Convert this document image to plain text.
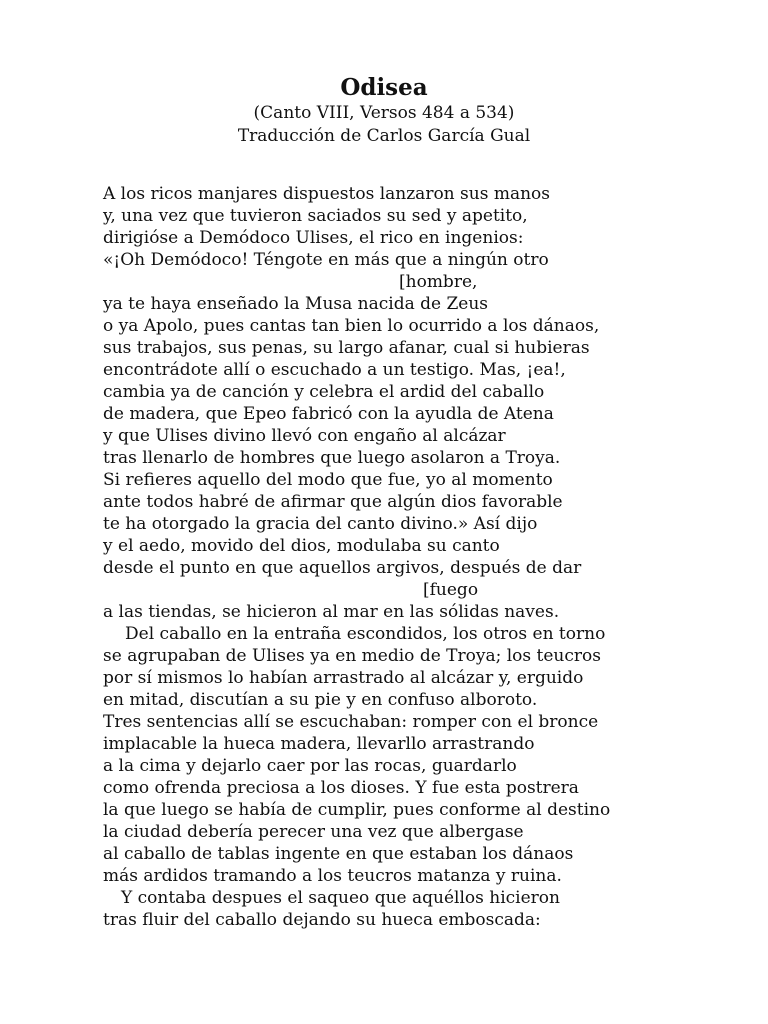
Odisea
(Canto VIII, Versos 484 a 534)
Traducción de Carlos García Gual
A los ricos manjares dispuestos lanzaron sus manos
y, una vez que tuvieron saciados su sed y apetito,
dirigióse a Demódoco Ulises, el rico en ingenios:
«¡Oh Demódoco! Téngote en más que a ningún otro
[hombre,
ya te haya enseñado la Musa nacida de Zeus
o ya Apolo, pues cantas tan bien lo ocurrido a los dánaos,
sus trabajos, sus penas, su largo afanar, cual si hubieras
encontrádote allí o escuchado a un testigo. Mas, ¡ea!,
cambia ya de canción y celebra el ardid del caballo
de madera, que Epeo fabricó con la ayudla de Atena
y que Ulises divino llevó con engaño al alcázar
tras llenarlo de hombres que luego asolaron a Troya.
Si refieres aquello del modo que fue, yo al momento
ante todos habré de afirmar que algún dios favorable
te ha otorgado la gracia del canto divino.» Así dijo
y el aedo, movido del dios, modulaba su canto
desde el punto en que aquellos argivos, después de dar
[fuego
a las tiendas, se hicieron al mar en las sólidas naves.
Del caballo en la entraña escondidos, los otros en torno
se agrupaban de Ulises ya en medio de Troya; los teucros
por sí mismos lo habían arrastrado al alcázar y, erguido
en mitad, discutían a su pie y en confuso alboroto.
Tres sentencias allí se escuchaban: romper con el bronce
implacable la hueca madera, llevarllo arrastrando
a la cima y dejarlo caer por las rocas, guardarlo
como ofrenda preciosa a los dioses. Y fue esta postrera
la que luego se había de cumplir, pues conforme al destino
la ciudad debería perecer una vez que albergase
al caballo de tablas ingente en que estaban los dánaos
más ardidos tramando a los teucros matanza y ruina.
Y contaba despues el saqueo que aquéllos hicieron
tras fluir del caballo dejando su hueca emboscada:
